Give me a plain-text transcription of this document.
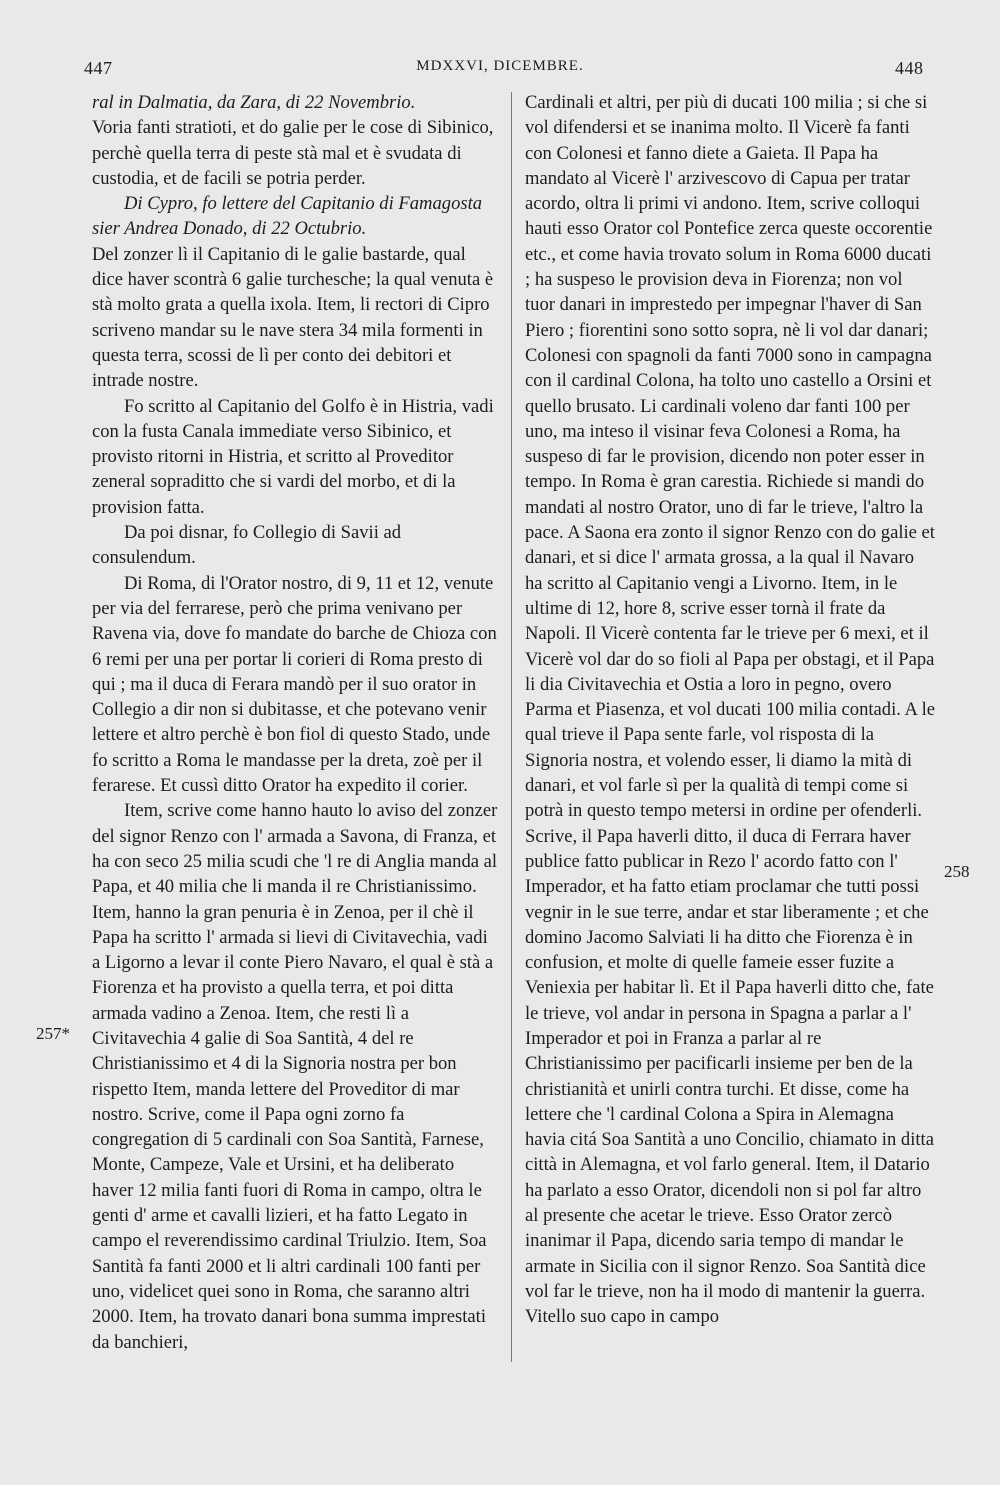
447	MDXXVI, DICEMBRE.	448

ral in Dalmatia, da Zara, di 22 Novembrio.

Voria fanti stratioti, et do galie per le cose di Sibinico, perchè quella terra di peste stà mal et è svudata di custodia, et de facili se potria perder.

Di Cypro, fo lettere del Capitanio di Famagosta sier Andrea Donado, di 22 Octubrio.

Del zonzer lì il Capitanio di le galie bastarde, qual dice haver scontrà 6 galie turchesche; la qual venuta è stà molto grata a quella ixola. Item, li rectori di Cipro scriveno mandar su le nave stera 34 mila formenti in questa terra, scossi de lì per conto dei debitori et intrade nostre.

Fo scritto al Capitanio del Golfo è in Histria, vadi con la fusta Canala immediate verso Sibinico, et provisto ritorni in Histria, et scritto al Proveditor zeneral sopraditto che si vardi del morbo, et di la provision fatta.

Da poi disnar, fo Collegio di Savii ad consulendum.

Di Roma, di l'Orator nostro, di 9, 11 et 12, venute per via del ferrarese, però che prima venivano per Ravena via, dove fo mandate do barche de Chioza con 6 remi per una per portar li corieri di Roma presto di qui ; ma il duca di Ferara mandò per il suo orator in Collegio a dir non si dubitasse, et che potevano venir lettere et altro perchè è bon fiol di questo Stado, unde fo scritto a Roma le mandasse per la dreta, zoè per il ferarese. Et cussì ditto Orator ha expedito il corier.

Item, scrive come hanno hauto lo aviso del zonzer del signor Renzo con l' armada a Savona, di Franza, et ha con seco 25 milia scudi che 'l re di Anglia manda al Papa, et 40 milia che li manda il re Christianissimo. Item, hanno la gran penuria è in Zenoa, per il chè il Papa ha scritto l' armada si lievi di Civitavechia, vadi a Ligorno a levar il conte Piero Navaro, el qual è stà a Fiorenza et ha provisto a quella terra, et poi ditta armada vadino a Zenoa. Item, che resti lì a Civitavechia 4 galie di Soa Santità, 4 del re Christianissimo et 4 di la Signoria nostra per bon rispetto Item, manda lettere del Proveditor di mar nostro. Scrive, come il Papa ogni zorno fa congregation di 5 cardinali con Soa Santità, Farnese, Monte, Campeze, Vale et Ursini, et ha deliberato haver 12 milia fanti fuori di Roma in campo, oltra le genti d' arme et cavalli lizieri, et ha fatto Legato in campo el reverendissimo cardinal Triulzio. Item, Soa Santità fa fanti 2000 et li altri cardinali 100 fanti per uno, videlicet quei sono in Roma, che saranno altri 2000. Item, ha trovato danari bona summa imprestati da banchieri,

Cardinali et altri, per più di ducati 100 milia ; si che si vol difendersi et se inanima molto. Il Vicerè fa fanti con Colonesi et fanno diete a Gaieta. Il Papa ha mandato al Vicerè l' arzivescovo di Capua per tratar acordo, oltra li primi vi andono. Item, scrive colloqui hauti esso Orator col Pontefice zerca queste occorentie etc., et come havia trovato solum in Roma 6000 ducati ; ha suspeso le provision deva in Fiorenza; non vol tuor danari in imprestedo per impegnar l'haver di San Piero ; fiorentini sono sotto sopra, nè li vol dar danari; Colonesi con spagnoli da fanti 7000 sono in campagna con il cardinal Colona, ha tolto uno castello a Orsini et quello brusato. Li cardinali voleno dar fanti 100 per uno, ma inteso il visinar feva Colonesi a Roma, ha suspeso di far le provision, dicendo non poter esser in tempo. In Roma è gran carestia. Richiede si mandi do mandati al nostro Orator, uno di far le trieve, l'altro la pace. A Saona era zonto il signor Renzo con do galie et danari, et si dice l' armata grossa, a la qual il Navaro ha scritto al Capitanio vengi a Livorno. Item, in le ultime di 12, hore 8, scrive esser tornà il frate da Napoli. Il Vicerè contenta far le trieve per 6 mexi, et il Vicerè vol dar do so fioli al Papa per obstagi, et il Papa li dia Civitavechia et Ostia a loro in pegno, overo Parma et Piasenza, et vol ducati 100 milia contadi. A le qual trieve il Papa sente farle, vol risposta di la Signoria nostra, et volendo esser, li diamo la mità di danari, et vol farle sì per la qualità di tempi come si potrà in questo tempo metersi in ordine per ofenderli. Scrive, il Papa haverli ditto, il duca di Ferrara haver publice fatto publicar in Rezo l' acordo fatto con l' Imperador, et ha fatto etiam proclamar che tutti possi vegnir in le sue terre, andar et star liberamente ; et che domino Jacomo Salviati li ha ditto che Fiorenza è in confusion, et molte di quelle fameie esser fuzite a Veniexia per habitar lì. Et il Papa haverli ditto che, fate le trieve, vol andar in persona in Spagna a parlar a l' Imperador et poi in Franza a parlar al re Christianissimo per pacificarli insieme per ben de la christianità et unirli contra turchi. Et disse, come ha lettere che 'l cardinal Colona a Spira in Alemagna havia citá Soa Santità a uno Concilio, chiamato in ditta città in Alemagna, et vol farlo general. Item, il Datario ha parlato a esso Orator, dicendoli non si pol far altro al presente che acetar le trieve. Esso Orator zercò inanimar il Papa, dicendo saria tempo di mandar le armate in Sicilia con il signor Renzo. Soa Santità dice vol far le trieve, non ha il modo di mantenir la guerra. Vitello suo capo in campo

257*
258
